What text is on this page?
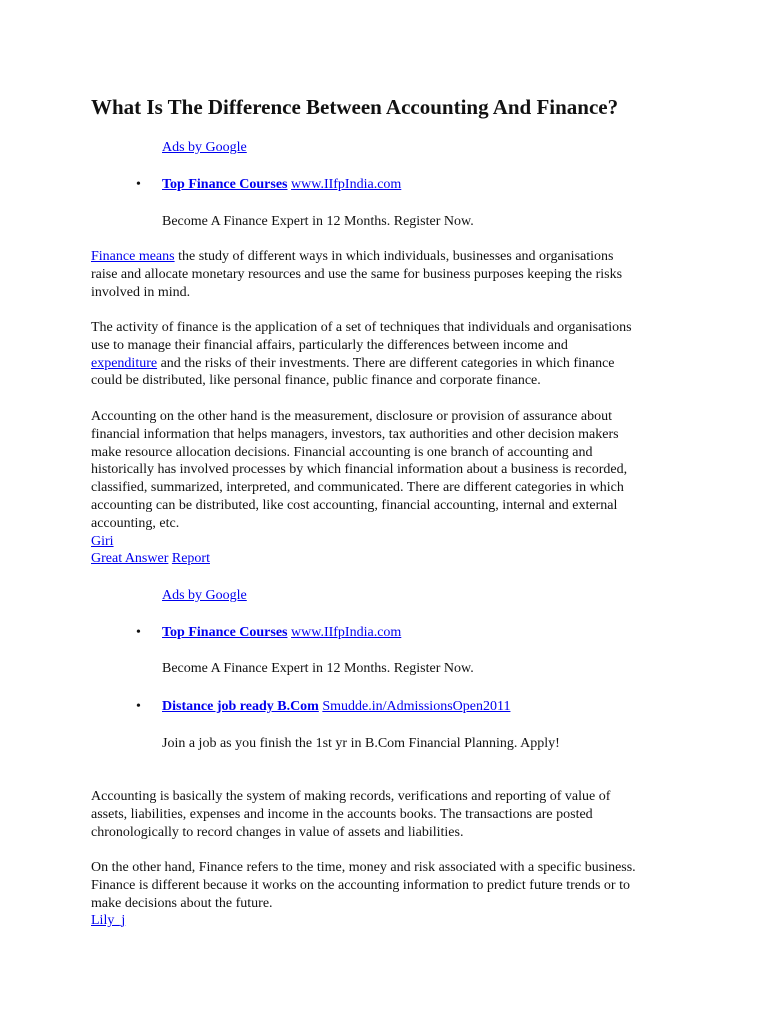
What Is The Difference Between Accounting And Finance?
Ads by Google
• Top Finance Courses www.IIfpIndia.com
Become A Finance Expert in 12 Months. Register Now.
Finance means the study of different ways in which individuals, businesses and organisations
raise and allocate monetary resources and use the same for business purposes keeping the risks
involved in mind.
The activity of finance is the application of a set of techniques that individuals and organisations
use to manage their financial affairs, particularly the differences between income and
expenditure and the risks of their investments. There are different categories in which finance
could be distributed, like personal finance, public finance and corporate finance.
Accounting on the other hand is the measurement, disclosure or provision of assurance about
financial information that helps managers, investors, tax authorities and other decision makers
make resource allocation decisions. Financial accounting is one branch of accounting and
historically has involved processes by which financial information about a business is recorded,
classified, summarized, interpreted, and communicated. There are different categories in which
accounting can be distributed, like cost accounting, financial accounting, internal and external
accounting, etc.
Giri
Great Answer Report
Ads by Google
• Top Finance Courses www.IIfpIndia.com
Become A Finance Expert in 12 Months. Register Now.
• Distance job ready B.Com Smudde.in/AdmissionsOpen2011
Join a job as you finish the 1st yr in B.Com Financial Planning. Apply!
Accounting is basically the system of making records, verifications and reporting of value of
assets, liabilities, expenses and income in the accounts books. The transactions are posted
chronologically to record changes in value of assets and liabilities.
On the other hand, Finance refers to the time, money and risk associated with a specific business.
Finance is different because it works on the accounting information to predict future trends or to
make decisions about the future.
Lily_j
